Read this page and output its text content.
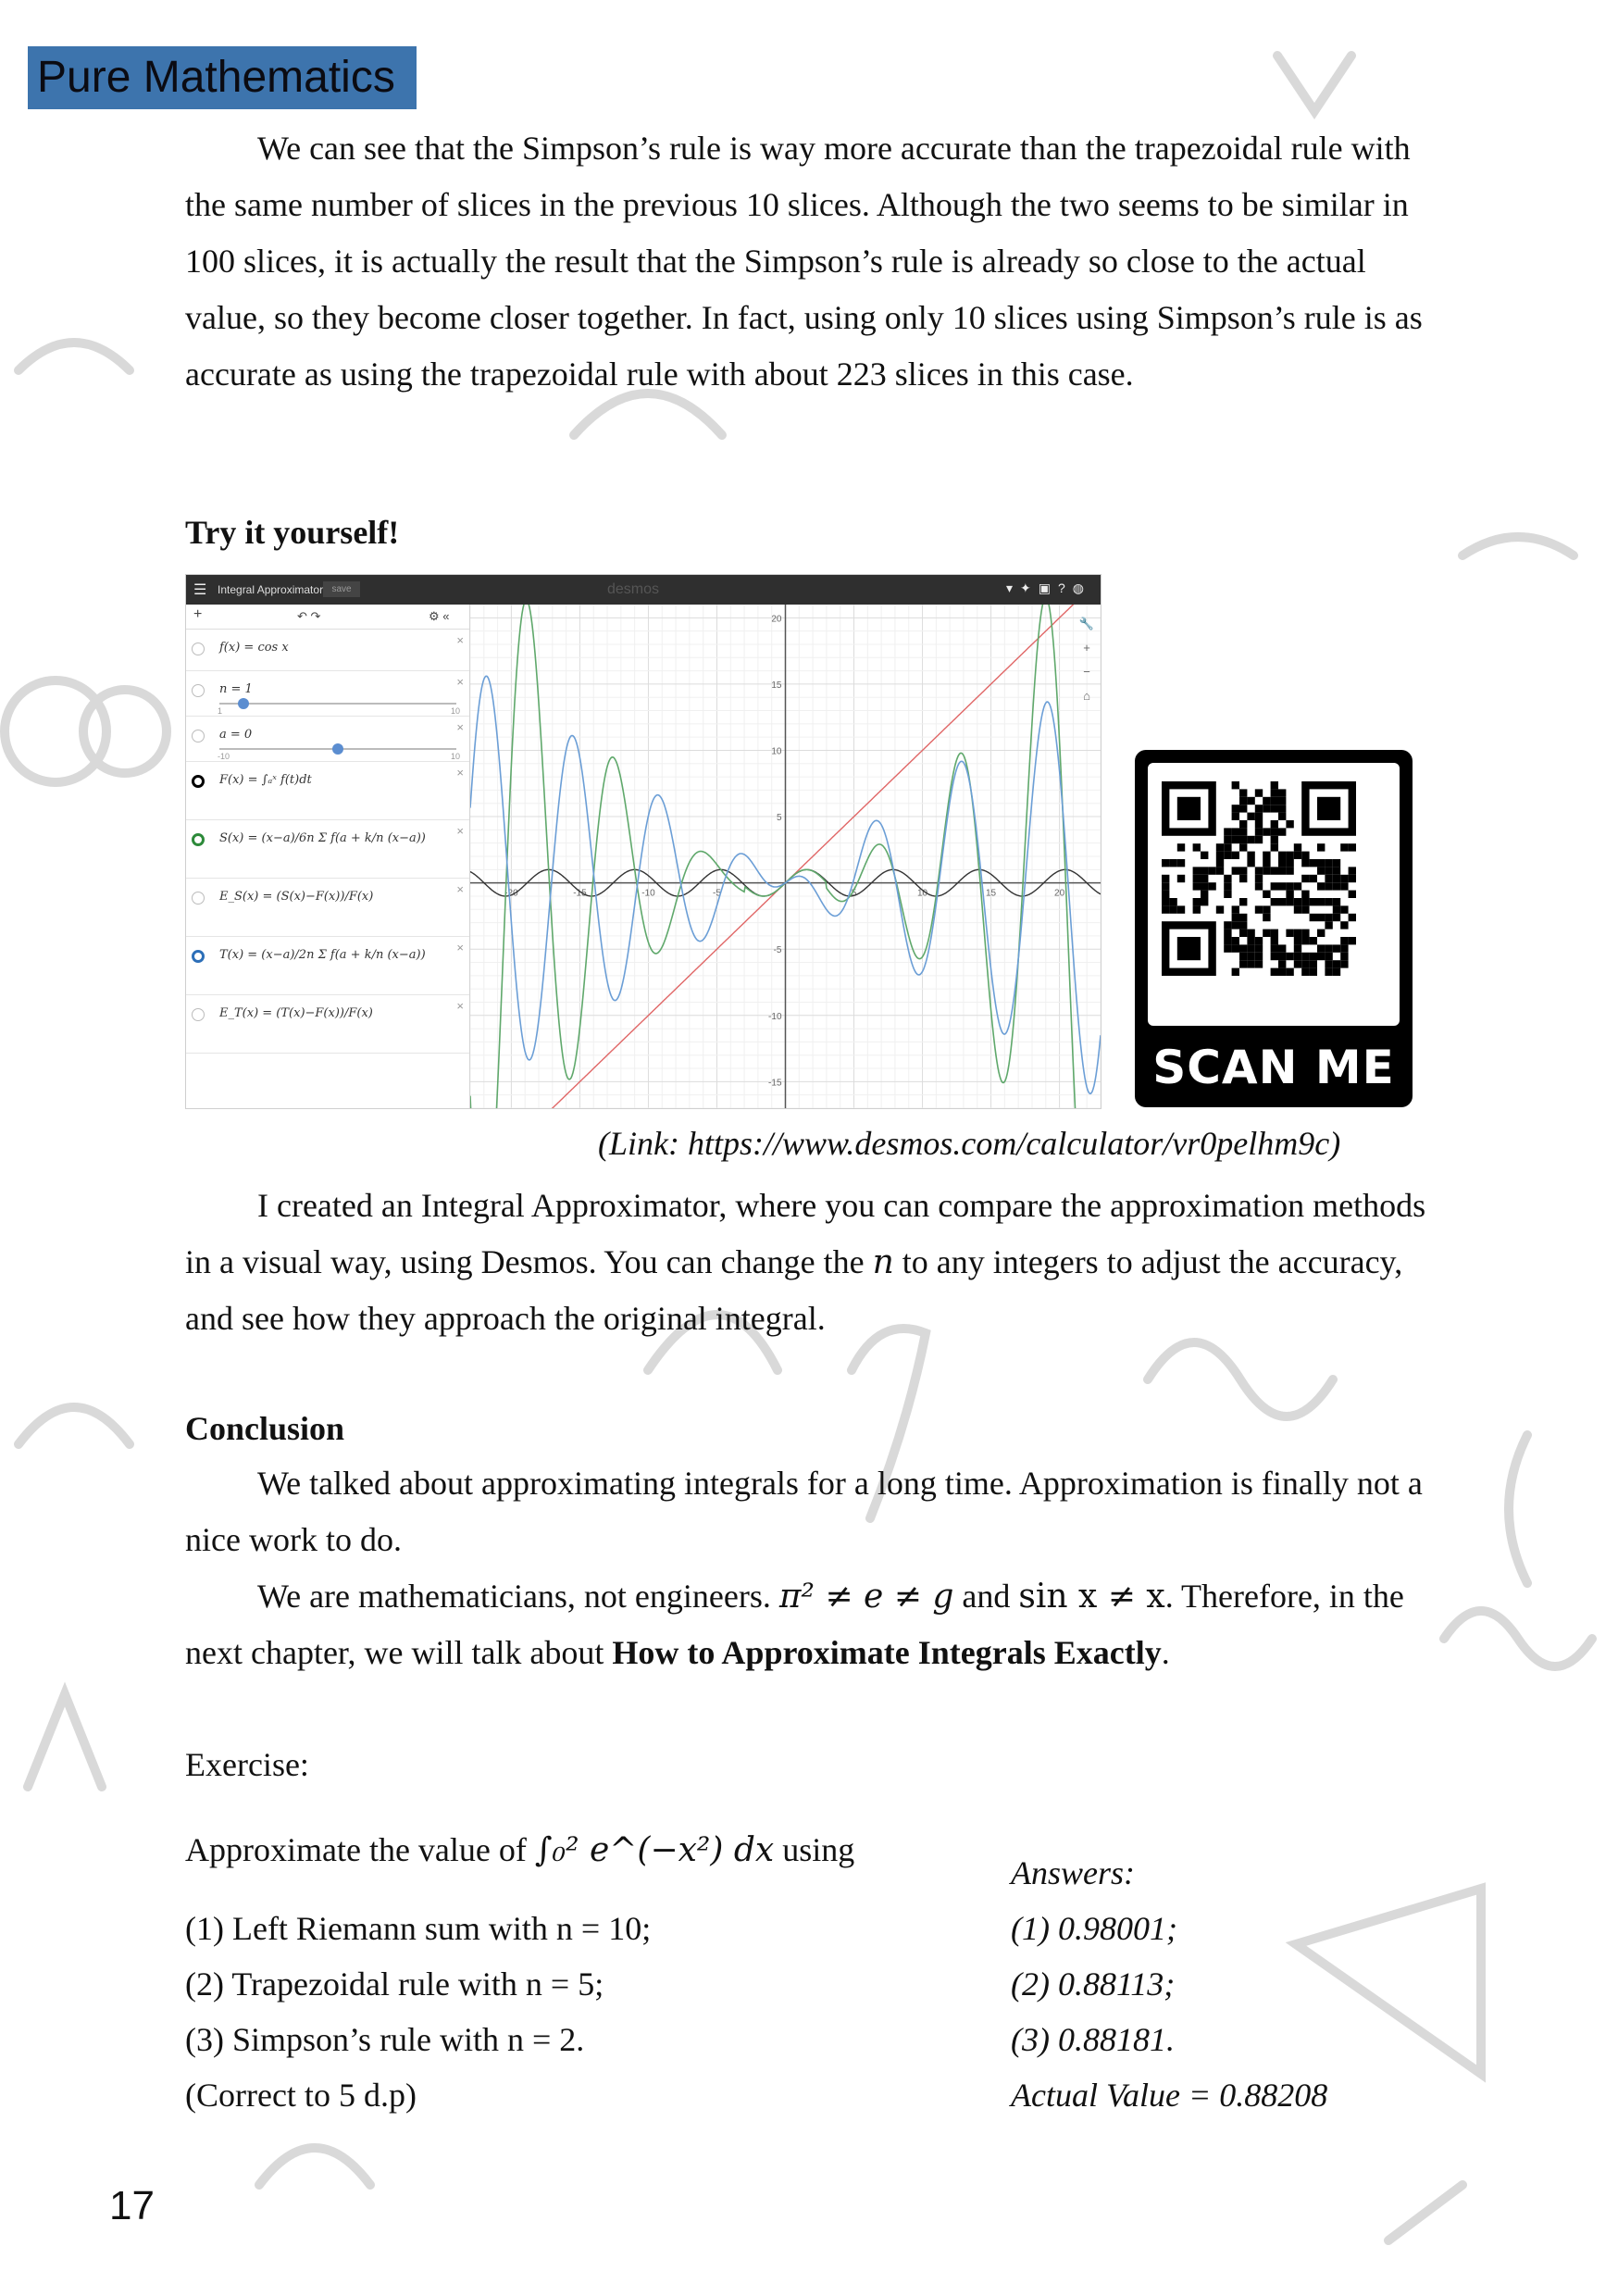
Pure Mathematics

We can see that the Simpson’s rule is way more accurate than the trapezoidal rule with the same number of slices in the previous 10 slices. Although the two seems to be similar in 100 slices, it is actually the result that the Simpson’s rule is already so close to the actual value, so they become closer together. In fact, using only 10 slices using Simpson’s rule is as accurate as using the trapezoidal rule with about 223 slices in this case.

Try it yourself!
☰ Integral Approximator save	desmos	▾✦▣?◍
+	↶ ↷	⚙ «
f(x) = cos x
×
n = 1
×
1	10
a = 0
×
-10	10
F(x) = ∫ₐˣ f(t)dt
×
S(x) = (x−a)/6n Σ f(a + k/n (x−a))
×
E_S(x) = (S(x)−F(x))/F(x)
×
T(x) = (x−a)/2n Σ f(a + k/n (x−a))
×
E_T(x) = (T(x)−F(x))/F(x)
×
-20	-15	-10	-5	5	10	15	20
20
15
10
5
-5
-10
-15
🔧
+
−
⌂
SCAN ME
(Link: https://www.desmos.com/calculator/vr0pelhm9c)

I created an Integral Approximator, where you can compare the approximation methods in a visual way, using Desmos. You can change the n to any integers to adjust the accuracy, and see how they approach the original integral.

Conclusion

We talked about approximating integrals for a long time. Approximation is finally not a nice work to do.

We are mathematicians, not engineers. π² ≠ e ≠ g and sin x ≠ x. Therefore, in the next chapter, we will talk about How to Approximate Integrals Exactly.

Exercise:
Approximate the value of ∫₀² e^(−x²) dx using
(1) Left Riemann sum with n = 10;
(2) Trapezoidal rule with n = 5;
(3) Simpson’s rule with n = 2.
(Correct to 5 d.p)
Answers:
(1) 0.98001;
(2) 0.88113;
(3) 0.88181.
Actual Value = 0.88208
17
